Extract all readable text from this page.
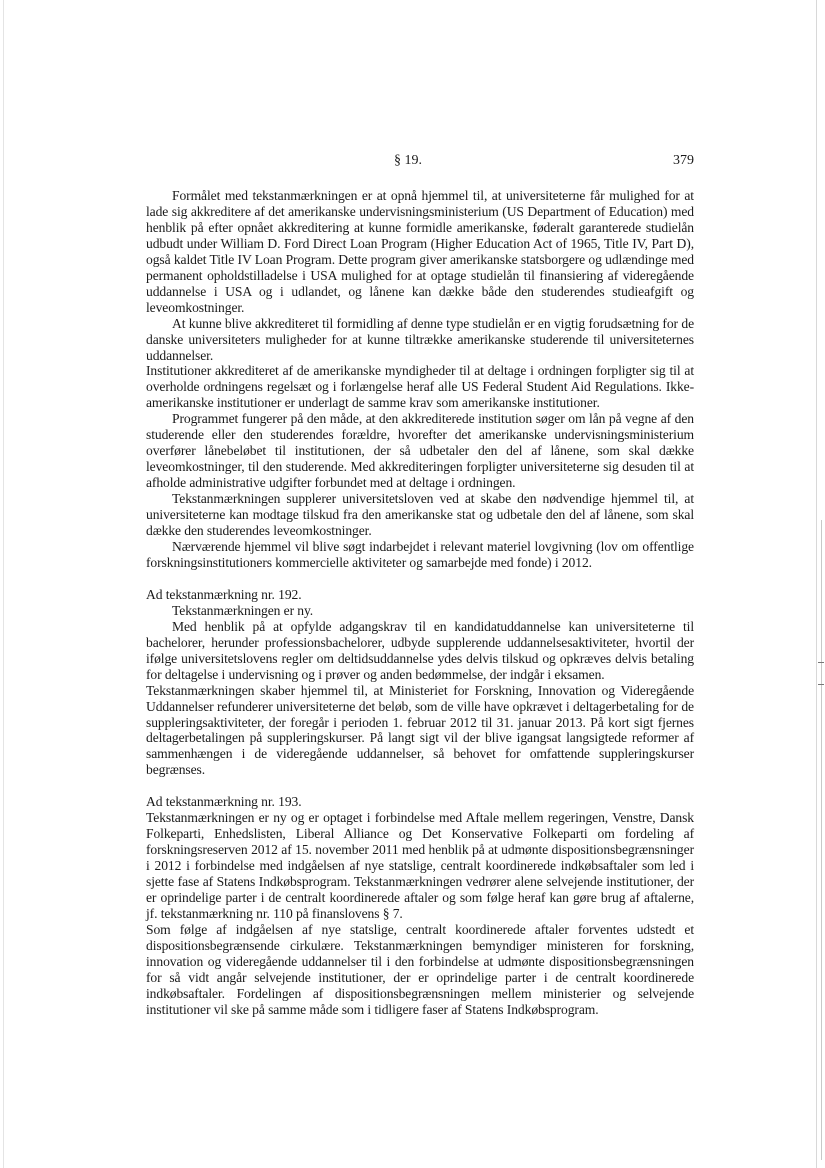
§ 19.	379

Formålet med tekstanmærkningen er at opnå hjemmel til, at universiteterne får mulighed for at lade sig akkreditere af det amerikanske undervisningsministerium (US Department of Education) med henblik på efter opnået akkreditering at kunne formidle amerikanske, føderalt garanterede studielån udbudt under William D. Ford Direct Loan Program (Higher Education Act of 1965, Title IV, Part D), også kaldet Title IV Loan Program. Dette program giver amerikanske statsborgere og udlændinge med permanent opholdstilladelse i USA mulighed for at optage studielån til finansiering af videregående uddannelse i USA og i udlandet, og lånene kan dække både den studerendes studieafgift og leveomkostninger.

At kunne blive akkrediteret til formidling af denne type studielån er en vigtig forudsætning for de danske universiteters muligheder for at kunne tiltrække amerikanske studerende til universiteternes uddannelser.

Institutioner akkrediteret af de amerikanske myndigheder til at deltage i ordningen forpligter sig til at overholde ordningens regelsæt og i forlængelse heraf alle US Federal Student Aid Regulations. Ikke-amerikanske institutioner er underlagt de samme krav som amerikanske institutioner.

Programmet fungerer på den måde, at den akkrediterede institution søger om lån på vegne af den studerende eller den studerendes forældre, hvorefter det amerikanske undervisningsministerium overfører lånebeløbet til institutionen, der så udbetaler den del af lånene, som skal dække leveomkostninger, til den studerende. Med akkrediteringen forpligter universiteterne sig desuden til at afholde administrative udgifter forbundet med at deltage i ordningen.

Tekstanmærkningen supplerer universitetsloven ved at skabe den nødvendige hjemmel til, at universiteterne kan modtage tilskud fra den amerikanske stat og udbetale den del af lånene, som skal dække den studerendes leveomkostninger.

Nærværende hjemmel vil blive søgt indarbejdet i relevant materiel lovgivning (lov om offentlige forskningsinstitutioners kommercielle aktiviteter og samarbejde med fonde) i 2012.

Ad tekstanmærkning nr. 192.

Tekstanmærkningen er ny.

Med henblik på at opfylde adgangskrav til en kandidatuddannelse kan universiteterne til bachelorer, herunder professionsbachelorer, udbyde supplerende uddannelsesaktiviteter, hvortil der ifølge universitetslovens regler om deltidsuddannelse ydes delvis tilskud og opkræves delvis betaling for deltagelse i undervisning og i prøver og anden bedømmelse, der indgår i eksamen.

Tekstanmærkningen skaber hjemmel til, at Ministeriet for Forskning, Innovation og Videregående Uddannelser refunderer universiteterne det beløb, som de ville have opkrævet i deltagerbetaling for de suppleringsaktiviteter, der foregår i perioden 1. februar 2012 til 31. januar 2013. På kort sigt fjernes deltagerbetalingen på suppleringskurser. På langt sigt vil der blive igangsat langsigtede reformer af sammenhængen i de videregående uddannelser, så behovet for omfattende suppleringskurser begrænses.

Ad tekstanmærkning nr. 193.

Tekstanmærkningen er ny og er optaget i forbindelse med Aftale mellem regeringen, Venstre, Dansk Folkeparti, Enhedslisten, Liberal Alliance og Det Konservative Folkeparti om fordeling af forskningsreserven 2012 af 15. november 2011 med henblik på at udmønte dispositionsbegrænsninger i 2012 i forbindelse med indgåelsen af nye statslige, centralt koordinerede indkøbsaftaler som led i sjette fase af Statens Indkøbsprogram. Tekstanmærkningen vedrører alene selvejende institutioner, der er oprindelige parter i de centralt koordinerede aftaler og som følge heraf kan gøre brug af aftalerne, jf. tekstanmærkning nr. 110 på finanslovens § 7.

Som følge af indgåelsen af nye statslige, centralt koordinerede aftaler forventes udstedt et dispositionsbegrænsende cirkulære. Tekstanmærkningen bemyndiger ministeren for forskning, innovation og videregående uddannelser til i den forbindelse at udmønte dispositionsbegrænsningen for så vidt angår selvejende institutioner, der er oprindelige parter i de centralt koordinerede indkøbsaftaler. Fordelingen af dispositionsbegrænsningen mellem ministerier og selvejende institutioner vil ske på samme måde som i tidligere faser af Statens Indkøbsprogram.
